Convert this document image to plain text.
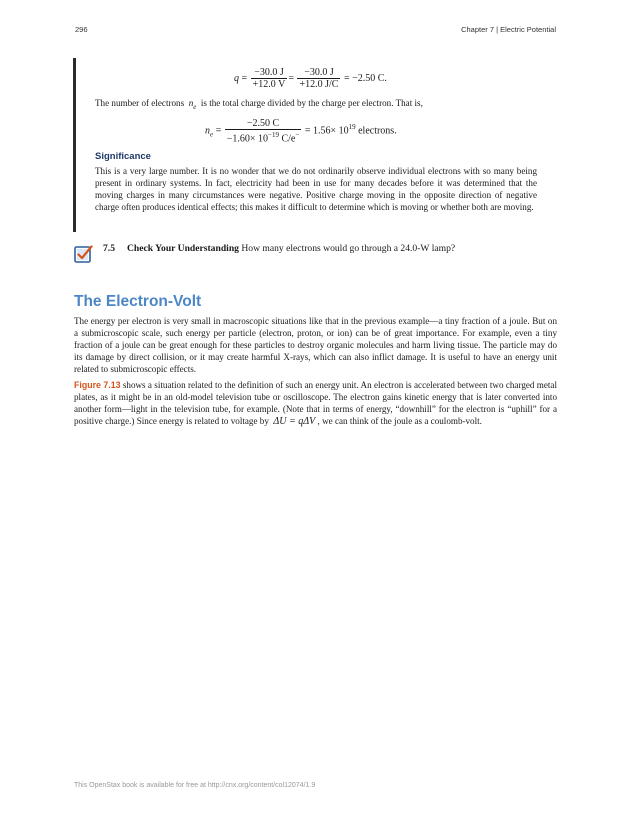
296	Chapter 7 | Electric Potential
$q = \frac{-30.0 J}{+12.0 V} = \frac{-30.0 J}{+12.0 J/C} = -2.50$ C.
The number of electrons $n_e$ is the total charge divided by the charge per electron. That is,
$n_e = \frac{-2.50 C}{-1.60\times 10^{-19} C/e^-} = 1.56\times 10^{19}$ electrons.
Significance
This is a very large number. It is no wonder that we do not ordinarily observe individual electrons with so many being present in ordinary systems. In fact, electricity had been in use for many decades before it was determined that the moving charges in many circumstances were negative. Positive charge moving in the opposite direction of negative charge often produces identical effects; this makes it difficult to determine which is moving or whether both are moving.
7.5 Check Your Understanding How many electrons would go through a 24.0-W lamp?
The Electron-Volt
The energy per electron is very small in macroscopic situations like that in the previous example—a tiny fraction of a joule. But on a submicroscopic scale, such energy per particle (electron, proton, or ion) can be of great importance. For example, even a tiny fraction of a joule can be great enough for these particles to destroy organic molecules and harm living tissue. The particle may do its damage by direct collision, or it may create harmful X-rays, which can also inflict damage. It is useful to have an energy unit related to submicroscopic effects.
Figure 7.13 shows a situation related to the definition of such an energy unit. An electron is accelerated between two charged metal plates, as it might be in an old-model television tube or oscilloscope. The electron gains kinetic energy that is later converted into another form—light in the television tube, for example. (Note that in terms of energy, “downhill” for the electron is “uphill” for a positive charge.) Since energy is related to voltage by ΔU = qΔV , we can think of the joule as a coulomb-volt.
This OpenStax book is available for free at http://cnx.org/content/col12074/1.9
